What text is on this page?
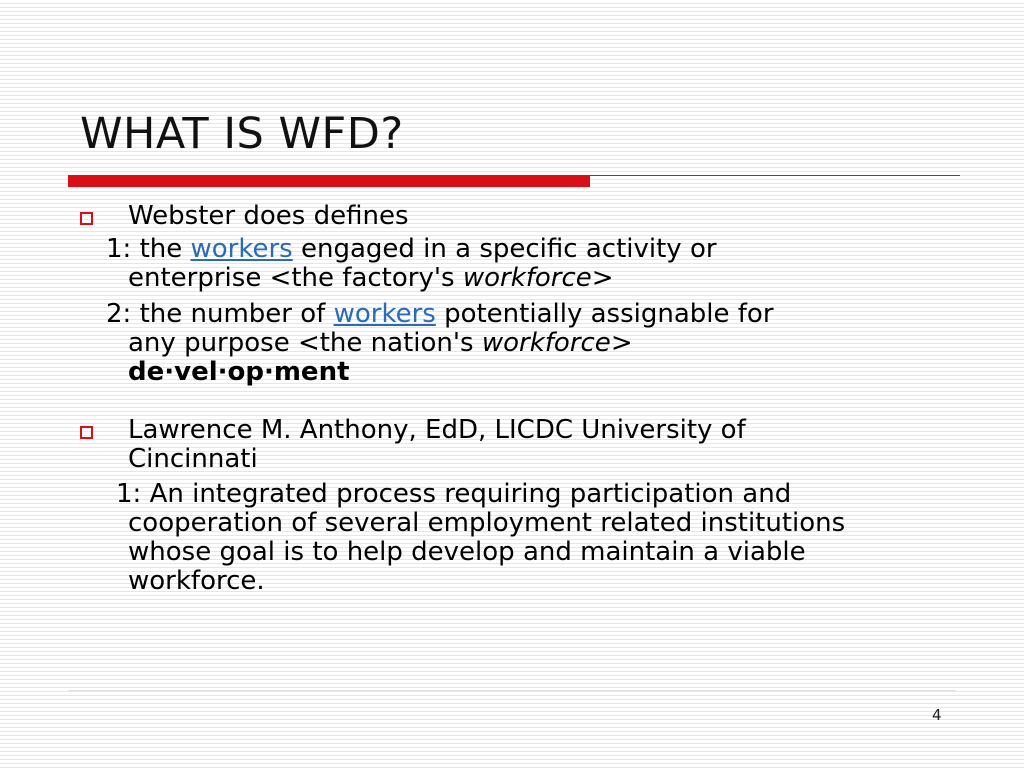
WHAT IS WFD?
Webster does defines
1: the workers engaged in a specific activity or
enterprise <the factory's workforce>
2: the number of workers potentially assignable for
any purpose <the nation's workforce>
de·vel·op·ment
Lawrence M. Anthony, EdD, LICDC University of
Cincinnati
1: An integrated process requiring participation and
cooperation of several employment related institutions
whose goal is to help develop and maintain a viable
workforce.
4
